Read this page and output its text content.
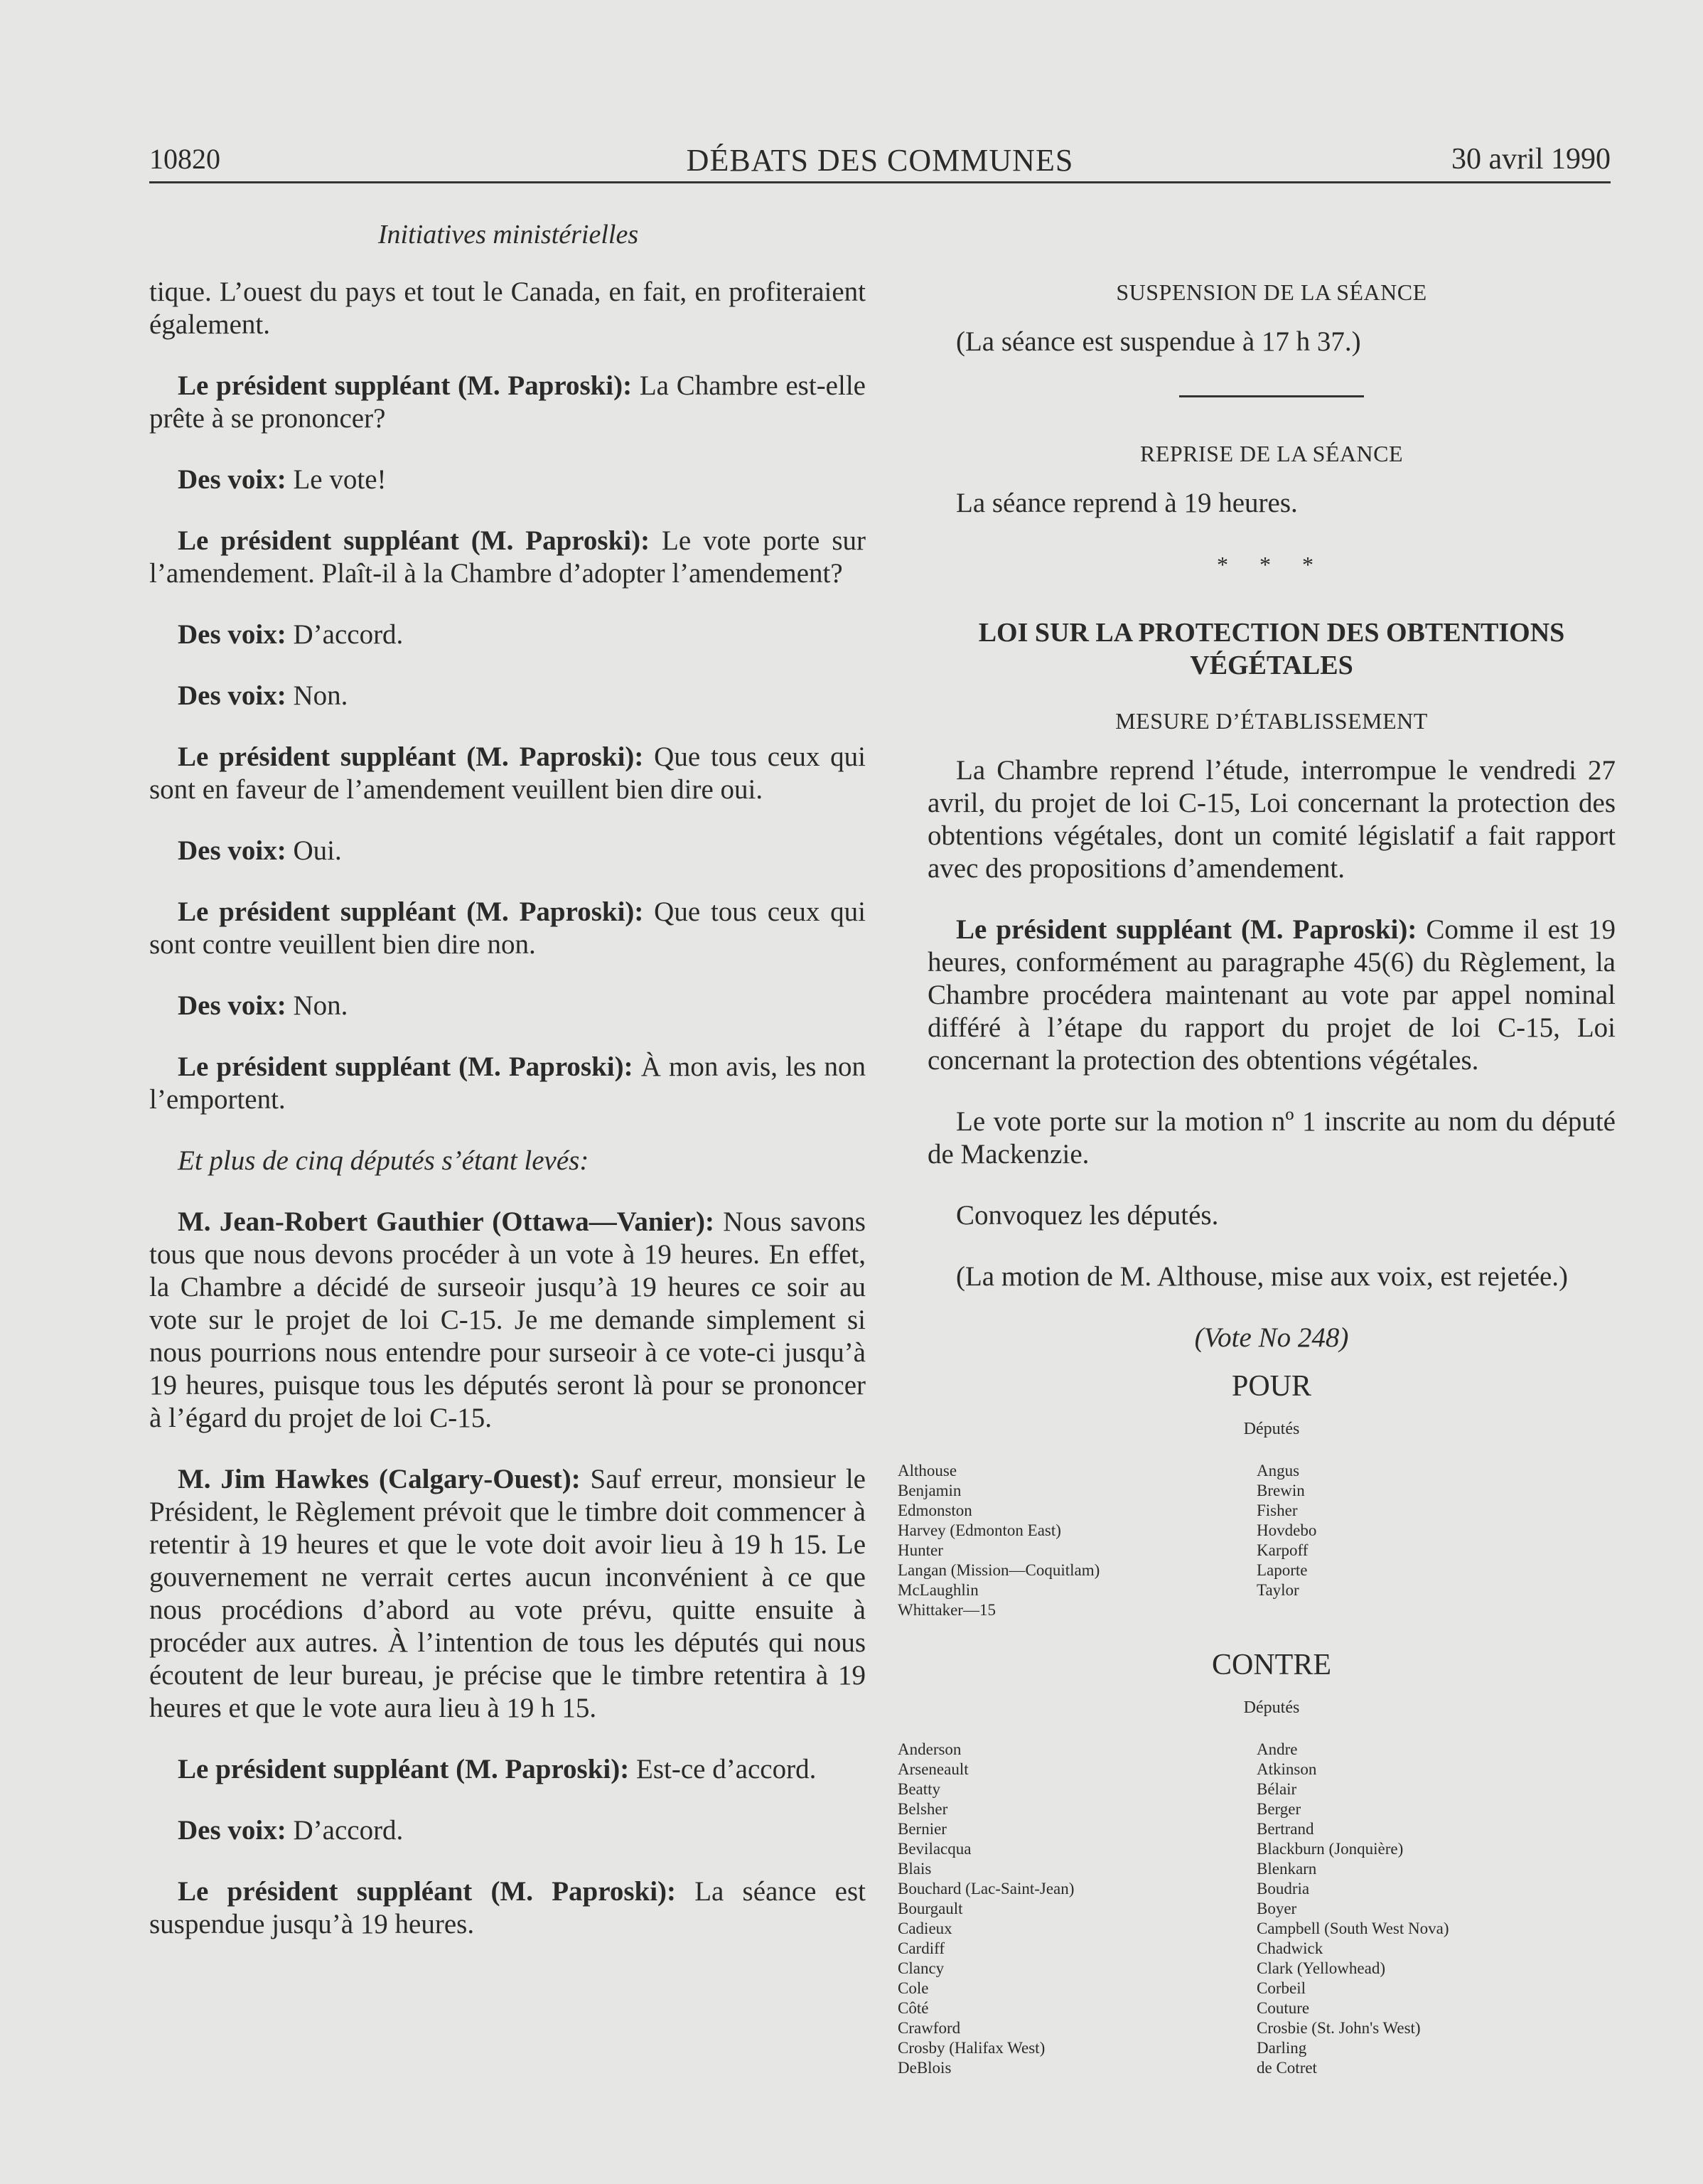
10820	DÉBATS DES COMMUNES	30 avril 1990
Initiatives ministérielles

tique. L’ouest du pays et tout le Canada, en fait, en profiteraient également.

Le président suppléant (M. Paproski): La Chambre est-elle prête à se prononcer?

Des voix: Le vote!

Le président suppléant (M. Paproski): Le vote porte sur l’amendement. Plaît-il à la Chambre d’adopter l’amendement?

Des voix: D’accord.

Des voix: Non.

Le président suppléant (M. Paproski): Que tous ceux qui sont en faveur de l’amendement veuillent bien dire oui.

Des voix: Oui.

Le président suppléant (M. Paproski): Que tous ceux qui sont contre veuillent bien dire non.

Des voix: Non.

Le président suppléant (M. Paproski): À mon avis, les non l’emportent.

Et plus de cinq députés s’étant levés:

M. Jean-Robert Gauthier (Ottawa—Vanier): Nous savons tous que nous devons procéder à un vote à 19 heures. En effet, la Chambre a décidé de surseoir jusqu’à 19 heures ce soir au vote sur le projet de loi C-15. Je me demande simplement si nous pourrions nous entendre pour surseoir à ce vote-ci jusqu’à 19 heures, puisque tous les députés seront là pour se prononcer à l’égard du projet de loi C-15.

M. Jim Hawkes (Calgary-Ouest): Sauf erreur, monsieur le Président, le Règlement prévoit que le timbre doit commencer à retentir à 19 heures et que le vote doit avoir lieu à 19 h 15. Le gouvernement ne verrait certes aucun inconvénient à ce que nous procédions d’abord au vote prévu, quitte ensuite à procéder aux autres. À l’intention de tous les députés qui nous écoutent de leur bureau, je précise que le timbre retentira à 19 heures et que le vote aura lieu à 19 h 15.

Le président suppléant (M. Paproski): Est-ce d’accord.

Des voix: D’accord.

Le président suppléant (M. Paproski): La séance est suspendue jusqu’à 19 heures.

SUSPENSION DE LA SÉANCE

(La séance est suspendue à 17 h 37.)

REPRISE DE LA SÉANCE

La séance reprend à 19 heures.

* * *
LOI SUR LA PROTECTION DES OBTENTIONS VÉGÉTALES
MESURE D’ÉTABLISSEMENT

La Chambre reprend l’étude, interrompue le vendredi 27 avril, du projet de loi C-15, Loi concernant la protection des obtentions végétales, dont un comité législatif a fait rapport avec des propositions d’amendement.

Le président suppléant (M. Paproski): Comme il est 19 heures, conformément au paragraphe 45(6) du Règlement, la Chambre procédera maintenant au vote par appel nominal différé à l’étape du rapport du projet de loi C-15, Loi concernant la protection des obtentions végétales.

Le vote porte sur la motion nº 1 inscrite au nom du député de Mackenzie.

Convoquez les députés.

(La motion de M. Althouse, mise aux voix, est rejetée.)

(Vote No 248)
POUR
Députés
Althouse
Benjamin
Edmonston
Harvey (Edmonton East)
Hunter
Langan (Mission—Coquitlam)
McLaughlin
Whittaker—15
Angus
Brewin
Fisher
Hovdebo
Karpoff
Laporte
Taylor
CONTRE
Députés
Anderson
Arseneault
Beatty
Belsher
Bernier
Bevilacqua
Blais
Bouchard (Lac-Saint-Jean)
Bourgault
Cadieux
Cardiff
Clancy
Cole
Côté
Crawford
Crosby (Halifax West)
DeBlois
Andre
Atkinson
Bélair
Berger
Bertrand
Blackburn (Jonquière)
Blenkarn
Boudria
Boyer
Campbell (South West Nova)
Chadwick
Clark (Yellowhead)
Corbeil
Couture
Crosbie (St. John's West)
Darling
de Cotret
